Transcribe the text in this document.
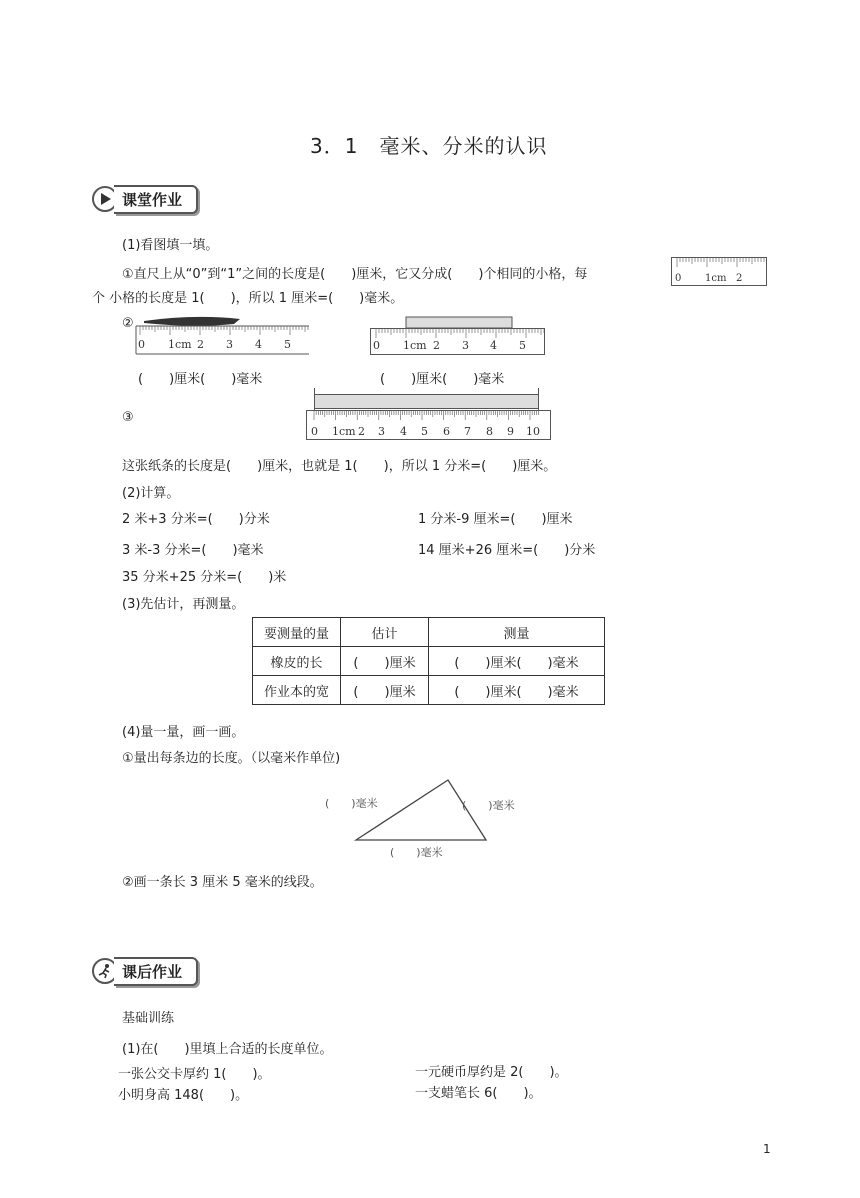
3．1　毫米、分米的认识
课堂作业
(1)看图填一填。
①直尺上从“0”到“1”之间的长度是(　　)厘米，它又分成(　　)个相同的小格，每
个 小格的长度是 1(　　)，所以 1 厘米=(　　)毫米。
0 1cm 2
②
0 1cm 2 3 4 5	0 1cm 2 3 4 5
(　　)厘米(　　)毫米	(　　)厘米(　　)毫米
③
0 1cm 2 3 4 5 6 7 8 9 10
这张纸条的长度是(　　)厘米，也就是 1(　　)，所以 1 分米=(　　)厘米。
(2)计算。
2 米+3 分米=(　　)分米	1 分米-9 厘米=(　　)厘米
3 米-3 分米=(　　)毫米	14 厘米+26 厘米=(　　)分米
35 分米+25 分米=(　　)米
(3)先估计，再测量。
要测量的量	估计	测量
橡皮的长	(　　)厘米	(　　)厘米(　　)毫米
作业本的宽	(　　)厘米	(　　)厘米(　　)毫米
(4)量一量，画一画。
①量出每条边的长度。（以毫米作单位)
(　　)毫米	(　　)毫米
(　　)毫米
②画一条长 3 厘米 5 毫米的线段。
课后作业
基础训练
(1)在(　　)里填上合适的长度单位。
一张公交卡厚约 1(　　)。	一元硬币厚约是 2(　　)。
小明身高 148(　　)。	一支蜡笔长 6(　　)。
1
